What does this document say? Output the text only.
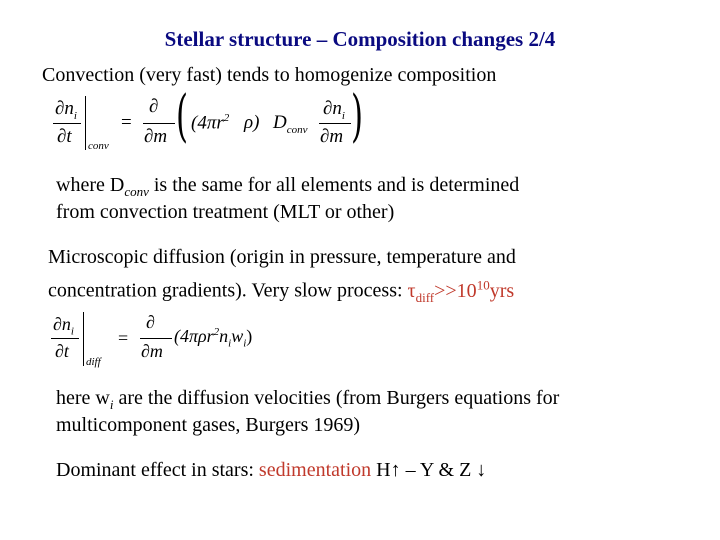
Stellar structure – Composition changes 2/4
Convection (very fast) tends to homogenize composition
$\partial n_i$
∂t conv
=
∂
∂m ( ($4\pi r^2$ ρ) $D_{conv}$
$\partial n_i$
∂m )
where $D_{conv}$ is the same for all elements and is determined
from convection treatment (MLT or other)
Microscopic diffusion (origin in pressure, temperature and
concentration gradients). Very slow process: $\tau_{diff}>>10^{10}yrs$
$\partial n_i$
∂t
diff
=
∂
∂m
$(4\pi\rho r^2n_iw_i)$
here $w_i$ are the diffusion velocities (from Burgers equations for
multicomponent gases, Burgers 1969)
Dominant effect in stars: sedimentation H↑ – Y & Z ↓
